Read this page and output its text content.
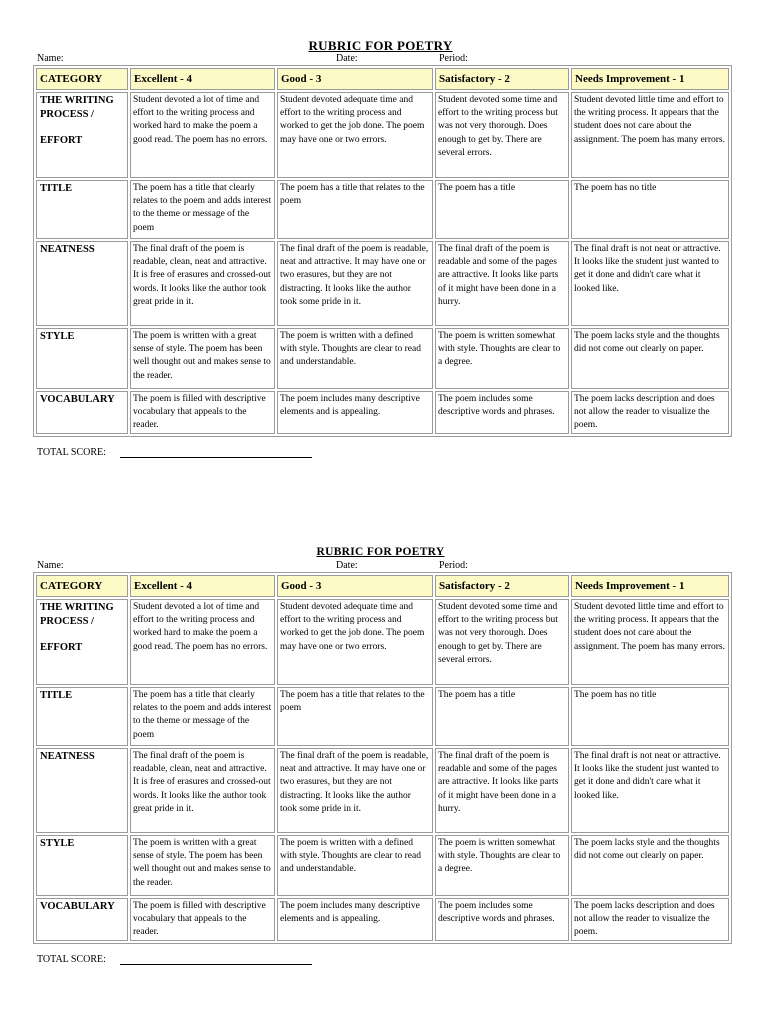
RUBRIC FOR POETRY
Name:	Date:	Period:
CATEGORY	Excellent - 4	Good - 3	Satisfactory - 2	Needs Improvement - 1

THE WRITING PROCESS /
EFFORT	Student devoted a lot of time and effort to the writing process and worked hard to make the poem a good read. The poem has no errors.	Student devoted adequate time and effort to the writing process and worked to get the job done. The poem may have one or two errors.	Student devoted some time and effort to the writing process but was not very thorough. Does enough to get by. There are several errors.	Student devoted little time and effort to the writing process. It appears that the student does not care about the assignment. The poem has many errors.

TITLE	The poem has a title that clearly relates to the poem and adds interest to the theme or message of the poem	The poem has a title that relates to the poem	The poem has a title	The poem has no title

NEATNESS	The final draft of the poem is readable, clean, neat and attractive. It is free of erasures and crossed-out words. It looks like the author took great pride in it.	The final draft of the poem is readable, neat and attractive. It may have one or two erasures, but they are not distracting. It looks like the author took some pride in it.	The final draft of the poem is readable and some of the pages are attractive. It looks like parts of it might have been done in a hurry.	The final draft is not neat or attractive. It looks like the student just wanted to get it done and didn't care what it looked like.

STYLE	The poem is written with a great sense of style. The poem has been well thought out and makes sense to the reader.	The poem is written with a defined with style. Thoughts are clear to read and understandable.	The poem is written somewhat with style. Thoughts are clear to a degree.	The poem lacks style and the thoughts did not come out clearly on paper.

VOCABULARY	The poem is filled with descriptive vocabulary that appeals to the reader.	The poem includes many descriptive elements and is appealing.	The poem includes some descriptive words and phrases.	The poem lacks description and does not allow the reader to visualize the poem.
TOTAL SCORE:
RUBRIC FOR POETRY
Name:	Date:	Period:
CATEGORY	Excellent - 4	Good - 3	Satisfactory - 2	Needs Improvement - 1

THE WRITING PROCESS /
EFFORT	Student devoted a lot of time and effort to the writing process and worked hard to make the poem a good read. The poem has no errors.	Student devoted adequate time and effort to the writing process and worked to get the job done. The poem may have one or two errors.	Student devoted some time and effort to the writing process but was not very thorough. Does enough to get by. There are several errors.	Student devoted little time and effort to the writing process. It appears that the student does not care about the assignment. The poem has many errors.

TITLE	The poem has a title that clearly relates to the poem and adds interest to the theme or message of the poem	The poem has a title that relates to the poem	The poem has a title	The poem has no title

NEATNESS	The final draft of the poem is readable, clean, neat and attractive. It is free of erasures and crossed-out words. It looks like the author took great pride in it.	The final draft of the poem is readable, neat and attractive. It may have one or two erasures, but they are not distracting. It looks like the author took some pride in it.	The final draft of the poem is readable and some of the pages are attractive. It looks like parts of it might have been done in a hurry.	The final draft is not neat or attractive. It looks like the student just wanted to get it done and didn't care what it looked like.

STYLE	The poem is written with a great sense of style. The poem has been well thought out and makes sense to the reader.	The poem is written with a defined with style. Thoughts are clear to read and understandable.	The poem is written somewhat with style. Thoughts are clear to a degree.	The poem lacks style and the thoughts did not come out clearly on paper.

VOCABULARY	The poem is filled with descriptive vocabulary that appeals to the reader.	The poem includes many descriptive elements and is appealing.	The poem includes some descriptive words and phrases.	The poem lacks description and does not allow the reader to visualize the poem.
TOTAL SCORE:
